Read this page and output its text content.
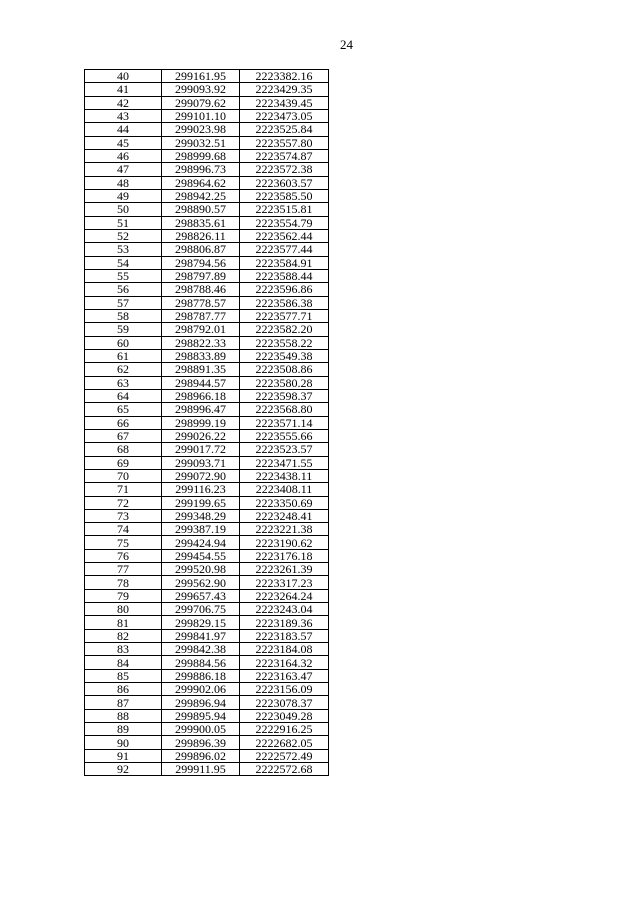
24
40	299161.95	2223382.16
41	299093.92	2223429.35
42	299079.62	2223439.45
43	299101.10	2223473.05
44	299023.98	2223525.84
45	299032.51	2223557.80
46	298999.68	2223574.87
47	298996.73	2223572.38
48	298964.62	2223603.57
49	298942.25	2223585.50
50	298890.57	2223515.81
51	298835.61	2223554.79
52	298826.11	2223562.44
53	298806.87	2223577.44
54	298794.56	2223584.91
55	298797.89	2223588.44
56	298788.46	2223596.86
57	298778.57	2223586.38
58	298787.77	2223577.71
59	298792.01	2223582.20
60	298822.33	2223558.22
61	298833.89	2223549.38
62	298891.35	2223508.86
63	298944.57	2223580.28
64	298966.18	2223598.37
65	298996.47	2223568.80
66	298999.19	2223571.14
67	299026.22	2223555.66
68	299017.72	2223523.57
69	299093.71	2223471.55
70	299072.90	2223438.11
71	299116.23	2223408.11
72	299199.65	2223350.69
73	299348.29	2223248.41
74	299387.19	2223221.38
75	299424.94	2223190.62
76	299454.55	2223176.18
77	299520.98	2223261.39
78	299562.90	2223317.23
79	299657.43	2223264.24
80	299706.75	2223243.04
81	299829.15	2223189.36
82	299841.97	2223183.57
83	299842.38	2223184.08
84	299884.56	2223164.32
85	299886.18	2223163.47
86	299902.06	2223156.09
87	299896.94	2223078.37
88	299895.94	2223049.28
89	299900.05	2222916.25
90	299896.39	2222682.05
91	299896.02	2222572.49
92	299911.95	2222572.68
